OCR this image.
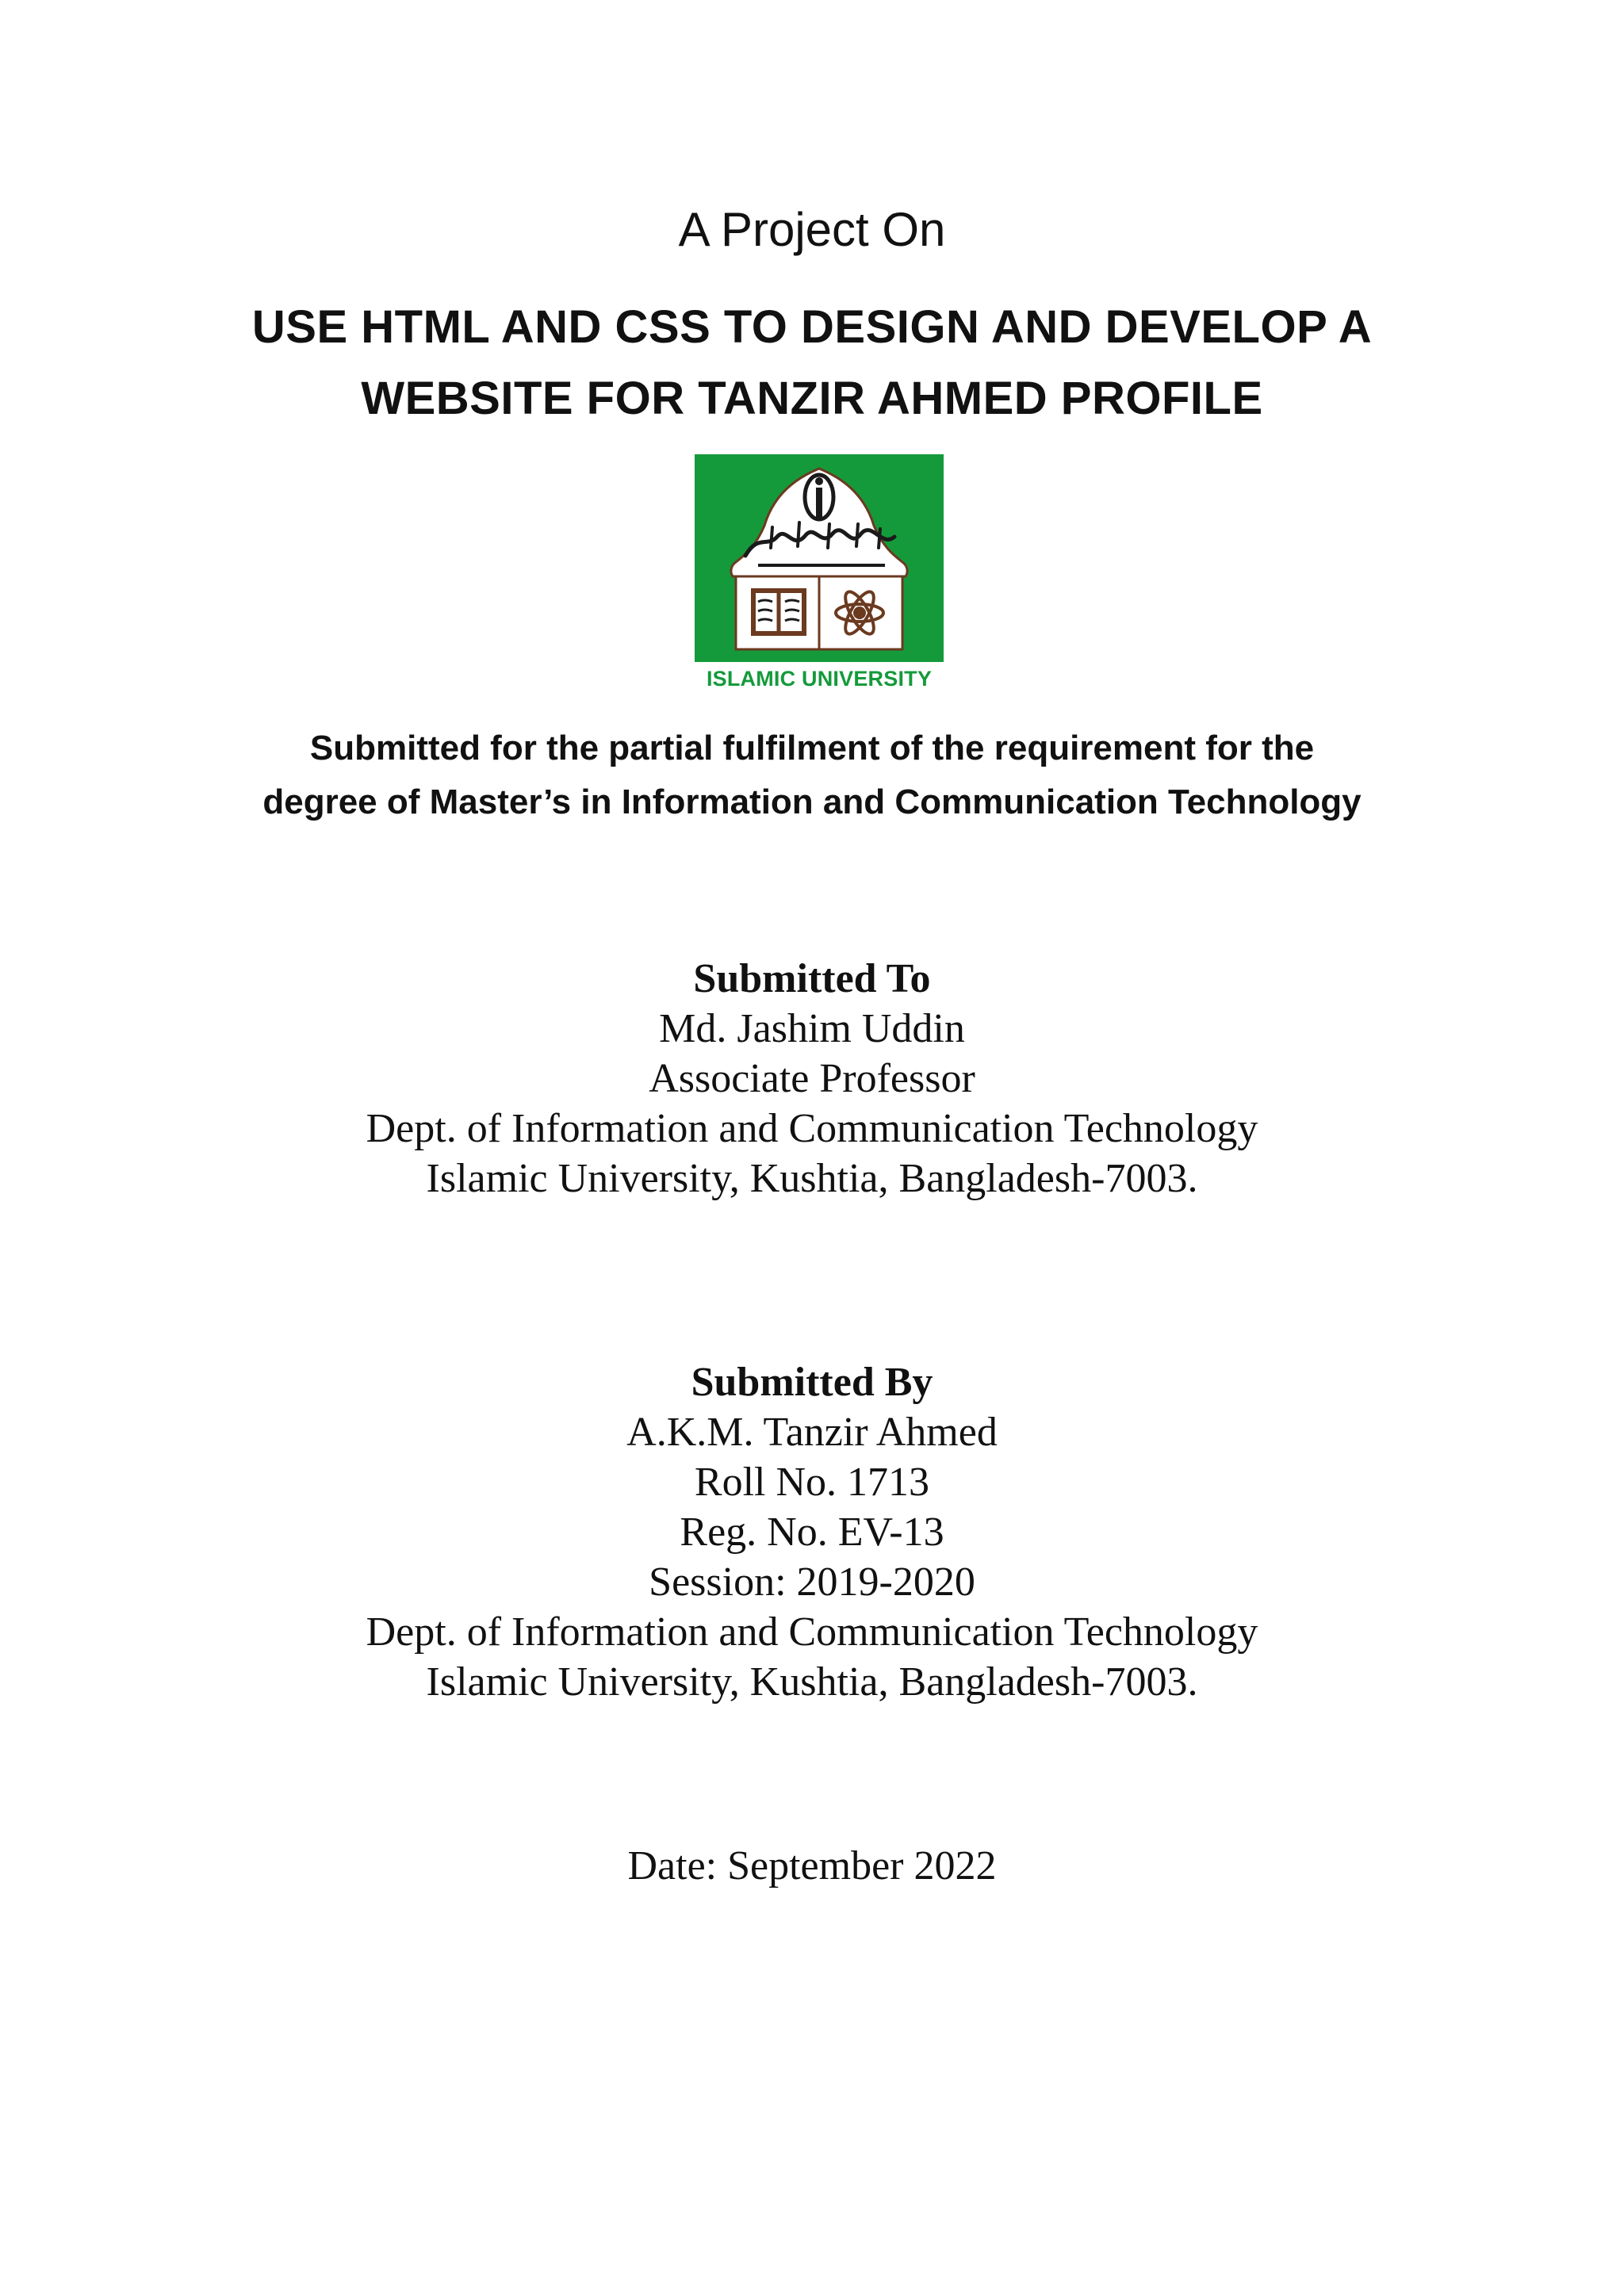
A Project On
USE HTML AND CSS TO DESIGN AND DEVELOP A
WEBSITE FOR TANZIR AHMED PROFILE
ISLAMIC UNIVERSITY
Submitted for the partial fulfilment of the requirement for the
degree of Master’s in Information and Communication Technology
Submitted To
Md. Jashim Uddin
Associate Professor
Dept. of Information and Communication Technology
Islamic University, Kushtia, Bangladesh-7003.
Submitted By
A.K.M. Tanzir Ahmed
Roll No. 1713
Reg. No. EV-13
Session: 2019-2020
Dept. of Information and Communication Technology
Islamic University, Kushtia, Bangladesh-7003.
Date: September 2022
